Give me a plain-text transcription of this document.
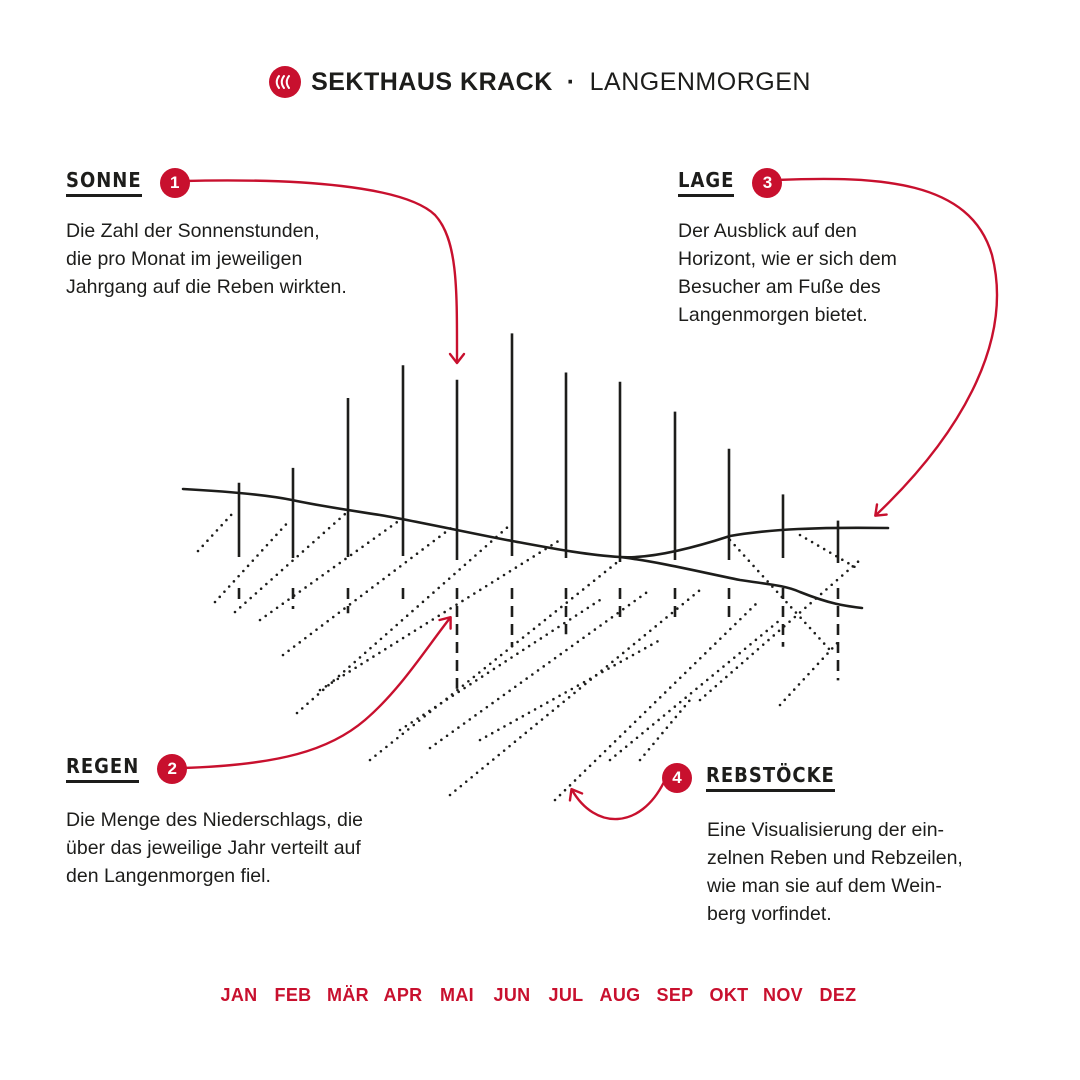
SEKTHAUS KRACK · LANGENMORGEN
SONNE	1

Die Zahl der Sonnenstunden,
die pro Monat im jeweiligen
Jahrgang auf die Reben wirkten.

LAGE	3

Der Ausblick auf den
Horizont, wie er sich dem
Besucher am Fuße des
Langenmorgen bietet.

REGEN	2

Die Menge des Niederschlags, die
über das jeweilige Jahr verteilt auf
den Langenmorgen fiel.

4	REBSTÖCKE

Eine Visualisierung der ein-
zelnen Reben und Rebzeilen,
wie man sie auf dem Wein-
berg vorfindet.

JAN FEB MÄR APR MAI JUN JUL AUG SEP OKT NOV DEZ
